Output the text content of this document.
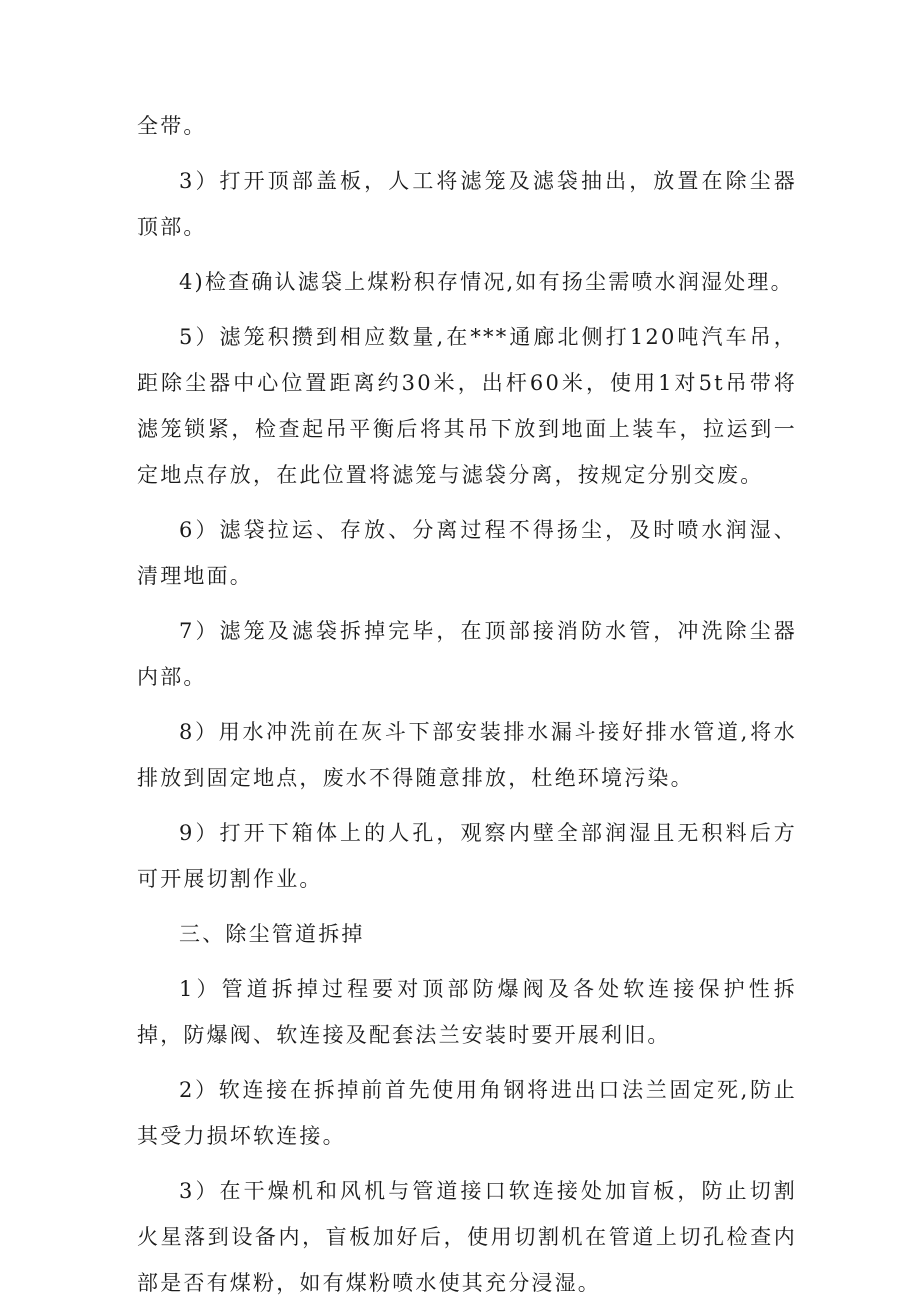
全带。

3）打开顶部盖板，人工将滤笼及滤袋抽出，放置在除尘器顶部。

4)检查确认滤袋上煤粉积存情况,如有扬尘需喷水润湿处理。

5）滤笼积攒到相应数量,在***通廊北侧打120吨汽车吊，距除尘器中心位置距离约30米，出杆60米，使用1对5t吊带将滤笼锁紧，检查起吊平衡后将其吊下放到地面上装车，拉运到一定地点存放，在此位置将滤笼与滤袋分离，按规定分别交废。

6）滤袋拉运、存放、分离过程不得扬尘，及时喷水润湿、清理地面。

7）滤笼及滤袋拆掉完毕，在顶部接消防水管，冲洗除尘器内部。

8）用水冲洗前在灰斗下部安装排水漏斗接好排水管道,将水排放到固定地点，废水不得随意排放，杜绝环境污染。

9）打开下箱体上的人孔，观察内壁全部润湿且无积料后方可开展切割作业。

三、除尘管道拆掉

1）管道拆掉过程要对顶部防爆阀及各处软连接保护性拆掉，防爆阀、软连接及配套法兰安装时要开展利旧。

2）软连接在拆掉前首先使用角钢将进出口法兰固定死,防止其受力损坏软连接。

3）在干燥机和风机与管道接口软连接处加盲板，防止切割火星落到设备内，盲板加好后，使用切割机在管道上切孔检查内部是否有煤粉，如有煤粉喷水使其充分浸湿。
